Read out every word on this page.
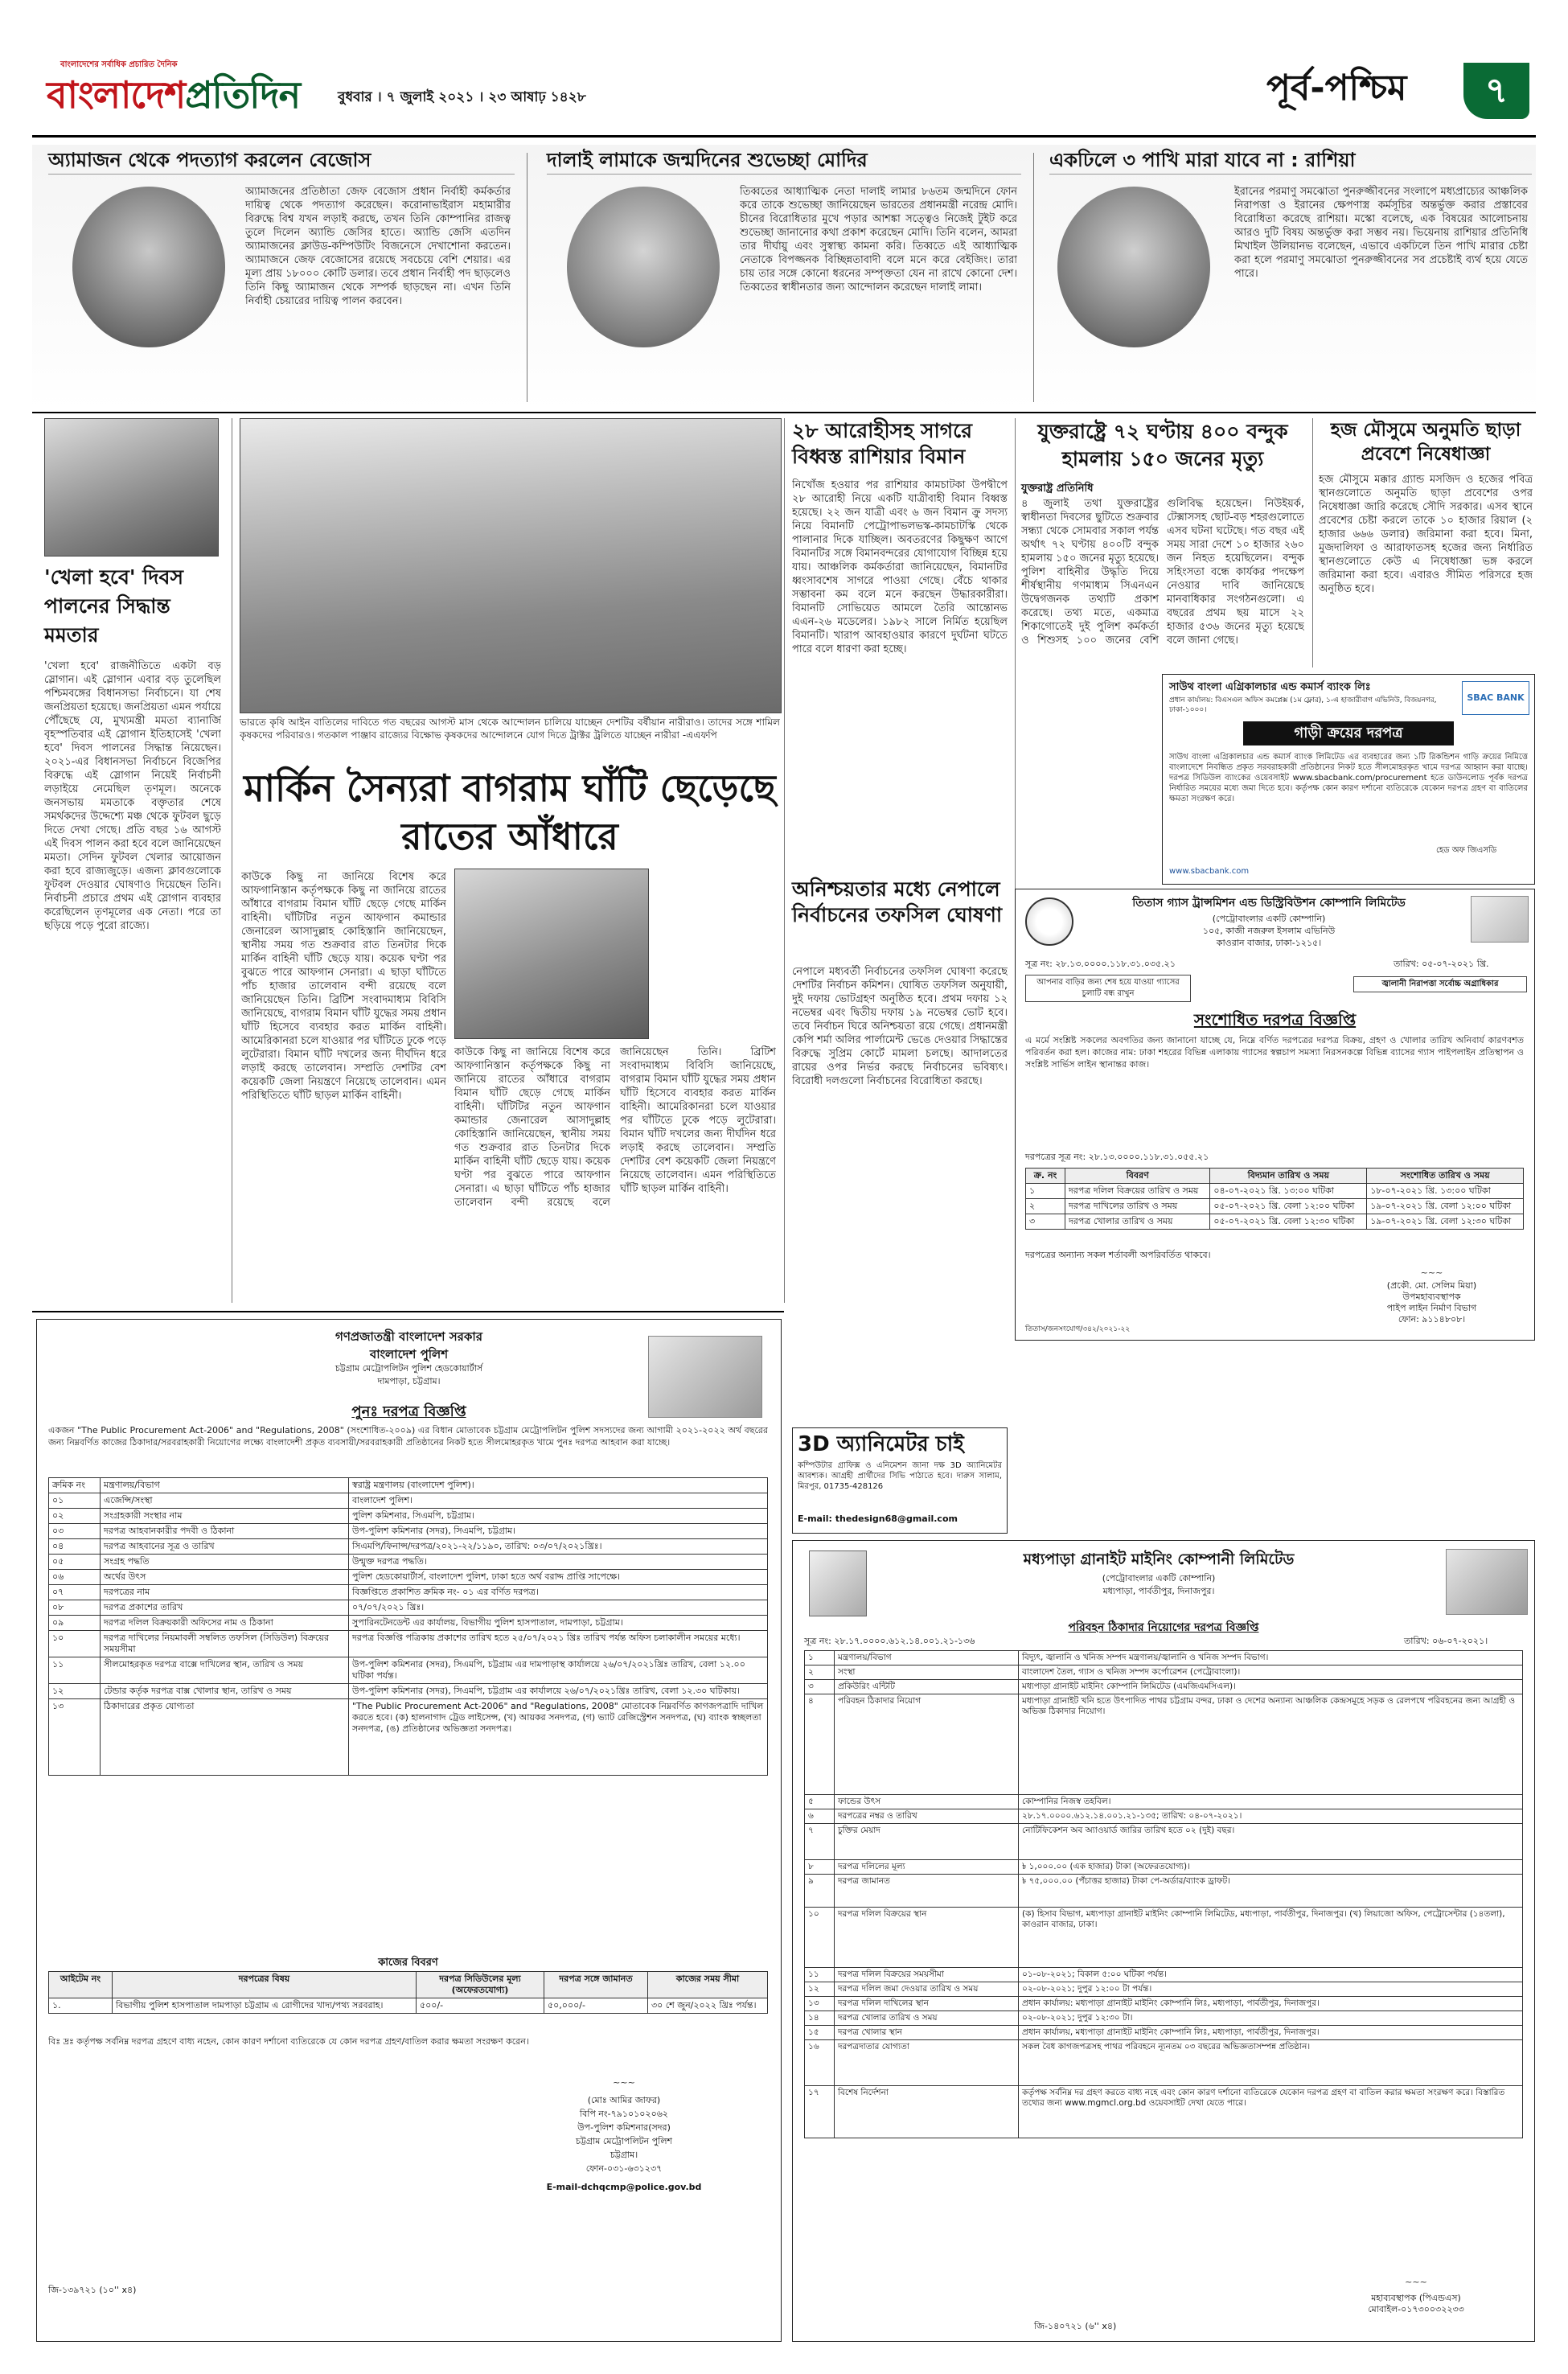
বাংলাদেশের সর্বাধিক প্রচারিত দৈনিক
বাংলাদেশপ্রতিদিন	বুধবার । ৭ জুলাই ২০২১ । ২৩ আষাঢ় ১৪২৮	পূর্ব-পশ্চিম	৭
অ্যামাজন থেকে পদত্যাগ করলেন বেজোস
অ্যামাজনের প্রতিষ্ঠাতা জেফ বেজোস প্রধান নির্বাহী কর্মকর্তার দায়িত্ব থেকে পদত্যাগ করেছেন। করোনাভাইরাস মহামারীর বিরুদ্ধে বিশ্ব যখন লড়াই করছে, তখন তিনি কোম্পানির রাজত্ব তুলে দিলেন অ্যান্ডি জেসির হাতে। অ্যান্ডি জেসি এতদিন অ্যামাজনের ক্লাউড-কম্পিউটিং বিজনেসে দেখাশোনা করতেন। অ্যামাজনে জেফ বেজোসের রয়েছে সবচেয়ে বেশি শেয়ার। এর মূল্য প্রায় ১৮০০০ কোটি ডলার। তবে প্রধান নির্বাহী পদ ছাড়লেও তিনি কিছু অ্যামাজন থেকে সম্পর্ক ছাড়ছেন না। এখন তিনি নির্বাহী চেয়ারের দায়িত্ব পালন করবেন।
দালাই লামাকে জন্মদিনের শুভেচ্ছা মোদির
তিব্বতের আধ্যাত্মিক নেতা দালাই লামার ৮৬তম জন্মদিনে ফোন করে তাকে শুভেচ্ছা জানিয়েছেন ভারতের প্রধানমন্ত্রী নরেন্দ্র মোদি। চীনের বিরোধিতার মুখে পড়ার আশঙ্কা সত্ত্বেও নিজেই টুইট করে শুভেচ্ছা জানানোর কথা প্রকাশ করেছেন মোদি। তিনি বলেন, আমরা তার দীর্ঘায়ু এবং সুস্বাস্থ্য কামনা করি। তিব্বতে এই আধ্যাত্মিক নেতাকে বিপজ্জনক বিচ্ছিন্নতাবাদী বলে মনে করে বেইজিং। তারা চায় তার সঙ্গে কোনো ধরনের সম্পৃক্ততা যেন না রাখে কোনো দেশ। তিব্বতের স্বাধীনতার জন্য আন্দোলন করেছেন দালাই লামা।
একঢিলে ৩ পাখি মারা যাবে না : রাশিয়া
ইরানের পরমাণু সমঝোতা পুনরুজ্জীবনের সংলাপে মধ্যপ্রাচ্যের আঞ্চলিক নিরাপত্তা ও ইরানের ক্ষেপণাস্ত্র কর্মসূচির অন্তর্ভুক্ত করার প্রস্তাবের বিরোধিতা করেছে রাশিয়া। মস্কো বলেছে, এক বিষয়ের আলোচনায় আরও দুটি বিষয় অন্তর্ভুক্ত করা সম্ভব নয়। ভিয়েনায় রাশিয়ার প্রতিনিধি মিখাইল উলিয়ানভ বলেছেন, এভাবে একঢিলে তিন পাখি মারার চেষ্টা করা হলে পরমাণু সমঝোতা পুনরুজ্জীবনের সব প্রচেষ্টাই ব্যর্থ হয়ে যেতে পারে।
'খেলা হবে' দিবস পালনের সিদ্ধান্ত মমতার
'খেলা হবে' রাজনীতিতে একটা বড় স্লোগান। এই স্লোগান এবার বড় তুলেছিল পশ্চিমবঙ্গের বিধানসভা নির্বাচনে। যা শেষ জনপ্রিয়তা হয়েছে। জনপ্রিয়তা এমন পর্যায়ে পৌঁছেছে যে, মুখ্যমন্ত্রী মমতা ব্যানার্জি বৃহস্পতিবার এই স্লোগান ইতিহাসেই 'খেলা হবে' দিবস পালনের সিদ্ধান্ত নিয়েছেন। ২০২১-এর বিধানসভা নির্বাচনে বিজেপির বিরুদ্ধে এই স্লোগান নিয়েই নির্বাচনী লড়াইয়ে নেমেছিল তৃণমূল। অনেকে জনসভায় মমতাকে বক্তৃতার শেষে সমর্থকদের উদ্দেশ্যে মঞ্চ থেকে ফুটবল ছুড়ে দিতে দেখা গেছে। প্রতি বছর ১৬ আগস্ট এই দিবস পালন করা হবে বলে জানিয়েছেন মমতা। সেদিন ফুটবল খেলার আয়োজন করা হবে রাজ্যজুড়ে। এজন্য ক্লাবগুলোকে ফুটবল দেওয়ার ঘোষণাও দিয়েছেন তিনি। নির্বাচনী প্রচারে প্রথম এই স্লোগান ব্যবহার করেছিলেন তৃণমূলের এক নেতা। পরে তা ছড়িয়ে পড়ে পুরো রাজ্যে।
ভারতে কৃষি আইন বাতিলের দাবিতে গত বছরের আগস্ট মাস থেকে আন্দোলন চালিয়ে যাচ্ছেন দেশটির বর্ষীয়ান নারীরাও। তাদের সঙ্গে শামিল কৃষকদের পরিবারও। গতকাল পাঞ্জাব রাজ্যের বিক্ষোভ কৃষকদের আন্দোলনে যোগ দিতে ট্রাক্টর ট্রলিতে যাচ্ছেন নারীরা -এএফপি
মার্কিন সৈন্যরা বাগরাম ঘাঁটি ছেড়েছে রাতের আঁধারে
কাউকে কিছু না জানিয়ে বিশেষ করে আফগানিস্তান কর্তৃপক্ষকে কিছু না জানিয়ে রাতের আঁধারে বাগরাম বিমান ঘাঁটি ছেড়ে গেছে মার্কিন বাহিনী। ঘাঁটিটির নতুন আফগান কমান্ডার জেনারেল আসাদুল্লাহ কোহিস্তানি জানিয়েছেন, স্থানীয় সময় গত শুক্রবার রাত তিনটার দিকে মার্কিন বাহিনী ঘাঁটি ছেড়ে যায়। কয়েক ঘণ্টা পর বুঝতে পারে আফগান সেনারা। এ ছাড়া ঘাঁটিতে পাঁচ হাজার তালেবান বন্দী রয়েছে বলে জানিয়েছেন তিনি। ব্রিটিশ সংবাদমাধ্যম বিবিসি জানিয়েছে, বাগরাম বিমান ঘাঁটি যুদ্ধের সময় প্রধান ঘাঁটি হিসেবে ব্যবহার করত মার্কিন বাহিনী। আমেরিকানরা চলে যাওয়ার পর ঘাঁটিতে ঢুকে পড়ে লুটেরারা। বিমান ঘাঁটি দখলের জন্য দীর্ঘদিন ধরে লড়াই করছে তালেবান। সম্প্রতি দেশটির বেশ কয়েকটি জেলা নিয়ন্ত্রণে নিয়েছে তালেবান। এমন পরিস্থিতিতে ঘাঁটি ছাড়ল মার্কিন বাহিনী।
কাউকে কিছু না জানিয়ে বিশেষ করে আফগানিস্তান কর্তৃপক্ষকে কিছু না জানিয়ে রাতের আঁধারে বাগরাম বিমান ঘাঁটি ছেড়ে গেছে মার্কিন বাহিনী। ঘাঁটিটির নতুন আফগান কমান্ডার জেনারেল আসাদুল্লাহ কোহিস্তানি জানিয়েছেন, স্থানীয় সময় গত শুক্রবার রাত তিনটার দিকে মার্কিন বাহিনী ঘাঁটি ছেড়ে যায়। কয়েক ঘণ্টা পর বুঝতে পারে আফগান সেনারা। এ ছাড়া ঘাঁটিতে পাঁচ হাজার তালেবান বন্দী রয়েছে বলে জানিয়েছেন তিনি। ব্রিটিশ সংবাদমাধ্যম বিবিসি জানিয়েছে, বাগরাম বিমান ঘাঁটি যুদ্ধের সময় প্রধান ঘাঁটি হিসেবে ব্যবহার করত মার্কিন বাহিনী। আমেরিকানরা চলে যাওয়ার পর ঘাঁটিতে ঢুকে পড়ে লুটেরারা। বিমান ঘাঁটি দখলের জন্য দীর্ঘদিন ধরে লড়াই করছে তালেবান। সম্প্রতি দেশটির বেশ কয়েকটি জেলা নিয়ন্ত্রণে নিয়েছে তালেবান। এমন পরিস্থিতিতে ঘাঁটি ছাড়ল মার্কিন বাহিনী।
২৮ আরোহীসহ সাগরে বিধ্বস্ত রাশিয়ার বিমান
নিখোঁজ হওয়ার পর রাশিয়ার কামচাটকা উপদ্বীপে ২৮ আরোহী নিয়ে একটি যাত্রীবাহী বিমান বিধ্বস্ত হয়েছে। ২২ জন যাত্রী এবং ৬ জন বিমান ক্রু সদস্য নিয়ে বিমানটি পেট্রোপাভলভস্ক-কামচাটস্কি থেকে পালানার দিকে যাচ্ছিল। অবতরণের কিছুক্ষণ আগে বিমানটির সঙ্গে বিমানবন্দরের যোগাযোগ বিচ্ছিন্ন হয়ে যায়। আঞ্চলিক কর্মকর্তারা জানিয়েছেন, বিমানটির ধ্বংসাবশেষ সাগরে পাওয়া গেছে। বেঁচে থাকার সম্ভাবনা কম বলে মনে করছেন উদ্ধারকারীরা। বিমানটি সোভিয়েত আমলে তৈরি আন্তোনভ এএন-২৬ মডেলের। ১৯৮২ সালে নির্মিত হয়েছিল বিমানটি। খারাপ আবহাওয়ার কারণে দুর্ঘটনা ঘটতে পারে বলে ধারণা করা হচ্ছে।
অনিশ্চয়তার মধ্যে নেপালে নির্বাচনের তফসিল ঘোষণা
নেপালে মধ্যবর্তী নির্বাচনের তফসিল ঘোষণা করেছে দেশটির নির্বাচন কমিশন। ঘোষিত তফসিল অনুযায়ী, দুই দফায় ভোটগ্রহণ অনুষ্ঠিত হবে। প্রথম দফায় ১২ নভেম্বর এবং দ্বিতীয় দফায় ১৯ নভেম্বর ভোট হবে। তবে নির্বাচন ঘিরে অনিশ্চয়তা রয়ে গেছে। প্রধানমন্ত্রী কেপি শর্মা অলির পার্লামেন্ট ভেঙে দেওয়ার সিদ্ধান্তের বিরুদ্ধে সুপ্রিম কোর্টে মামলা চলছে। আদালতের রায়ের ওপর নির্ভর করছে নির্বাচনের ভবিষ্যৎ। বিরোধী দলগুলো নির্বাচনের বিরোধিতা করছে।
3D অ্যানিমেটর চাই
কম্পিউটার গ্রাফিক্স ও এনিমেশন জানা দক্ষ 3D অ্যানিমেটর আবশ্যক। আগ্রহী প্রার্থীদের সিভি পাঠাতে হবে। দারুস সালাম, মিরপুর, 01735-428126
E-mail: thedesign68@gmail.com
যুক্তরাষ্ট্রে ৭২ ঘণ্টায় ৪০০ বন্দুক হামলায় ১৫০ জনের মৃত্যু
যুক্তরাষ্ট্র প্রতিনিধি
৪ জুলাই তথা যুক্তরাষ্ট্রের স্বাধীনতা দিবসের ছুটিতে শুক্রবার সন্ধ্যা থেকে সোমবার সকাল পর্যন্ত অর্থাৎ ৭২ ঘণ্টায় ৪০০টি বন্দুক হামলায় ১৫০ জনের মৃত্যু হয়েছে। পুলিশ বাহিনীর উদ্ধৃতি দিয়ে শীর্ষস্থানীয় গণমাধ্যম সিএনএন উদ্বেগজনক তথ্যটি প্রকাশ করেছে। তথ্য মতে, একমাত্র শিকাগোতেই দুই পুলিশ কর্মকর্তা ও শিশুসহ ১০০ জনের বেশি গুলিবিদ্ধ হয়েছেন। নিউইয়র্ক, টেক্সাসসহ ছোট-বড় শহরগুলোতে এসব ঘটনা ঘটেছে। গত বছর এই সময় সারা দেশে ১০ হাজার ২৬০ জন নিহত হয়েছিলেন। বন্দুক সহিংসতা বন্ধে কার্যকর পদক্ষেপ নেওয়ার দাবি জানিয়েছে মানবাধিকার সংগঠনগুলো। এ বছরের প্রথম ছয় মাসে ২২ হাজার ৫৩৬ জনের মৃত্যু হয়েছে বলে জানা গেছে।
হজ মৌসুমে অনুমতি ছাড়া প্রবেশে নিষেধাজ্ঞা
হজ মৌসুমে মক্কার গ্র্যান্ড মসজিদ ও হজের পবিত্র স্থানগুলোতে অনুমতি ছাড়া প্রবেশের ওপর নিষেধাজ্ঞা জারি করেছে সৌদি সরকার। এসব স্থানে প্রবেশের চেষ্টা করলে তাকে ১০ হাজার রিয়াল (২ হাজার ৬৬৬ ডলার) জরিমানা করা হবে। মিনা, মুজদালিফা ও আরাফাতসহ হজের জন্য নির্ধারিত স্থানগুলোতে কেউ এ নিষেধাজ্ঞা ভঙ্গ করলে জরিমানা করা হবে। এবারও সীমিত পরিসরে হজ অনুষ্ঠিত হবে।
সাউথ বাংলা এগ্রিকালচার এন্ড কমার্স ব্যাংক লিঃ
প্রধান কার্যালয়: বিএসএল অফিস কমপ্লেক্স (১ম ফ্লোর), ১-এ হাজারীবাগ এভিনিউ, বিজয়নগর, ঢাকা-১০০০।
SBAC BANK
গাড়ী ক্রয়ের দরপত্র
সাউথ বাংলা এগ্রিকালচার এন্ড কমার্স ব্যাংক লিমিটেড এর ব্যবহারের জন্য ১টি রিকন্ডিশন গাড়ি ক্রয়ের নিমিত্তে বাংলাদেশে নিবন্ধিত প্রকৃত সরবরাহকারী প্রতিষ্ঠানের নিকট হতে সীলমোহরকৃত খামে দরপত্র আহ্বান করা যাচ্ছে। দরপত্র সিডিউল ব্যাংকের ওয়েবসাইট www.sbacbank.com/procurement হতে ডাউনলোড পূর্বক দরপত্র নির্ধারিত সময়ের মধ্যে জমা দিতে হবে। কর্তৃপক্ষ কোন কারণ দর্শানো ব্যতিরেকে যেকোন দরপত্র গ্রহণ বা বাতিলের ক্ষমতা সংরক্ষণ করে।
হেড অফ জিএসডি
www.sbacbank.com
তিতাস গ্যাস ট্রান্সমিশন এন্ড ডিস্ট্রিবিউশন কোম্পানি লিমিটেড
(পেট্রোবাংলার একটি কোম্পানি)
১০৫, কাজী নজরুল ইসলাম এভিনিউ
কাওরান বাজার, ঢাকা-১২১৫।
সূত্র নং: ২৮.১৩.০০০০.১১৮.৩১.০৩৫.২১	তারিখ: ০৫-০৭-২০২১ খ্রি.
আপনার বাড়ির জন্য শেষ হয়ে যাওয়া গ্যাসের চুলাটি বন্ধ রাখুন
জ্বালানী নিরাপত্তা সর্বোচ্চ অগ্রাধিকার
সংশোধিত দরপত্র বিজ্ঞপ্তি
এ মর্মে সংশ্লিষ্ট সকলের অবগতির জন্য জানানো যাচ্ছে যে, নিম্নে বর্ণিত দরপত্রের দরপত্র বিক্রয়, গ্রহণ ও খোলার তারিখ অনিবার্য কারণবশত পরিবর্তন করা হল। কাজের নাম: ঢাকা শহরের বিভিন্ন এলাকায় গ্যাসের স্বল্পচাপ সমস্যা নিরসনকল্পে বিভিন্ন ব্যাসের গ্যাস পাইপলাইন প্রতিস্থাপন ও সংশ্লিষ্ট সার্ভিস লাইন স্থানান্তর কাজ।
দরপত্রের সূত্র নং: ২৮.১৩.০০০০.১১৮.৩১.০৫৫.২১
ক্র. নং	বিবরণ	বিদ্যমান তারিখ ও সময়	সংশোধিত তারিখ ও সময়
১	দরপত্র দলিল বিক্রয়ের তারিখ ও সময়	০৪-০৭-২০২১ খ্রি. ১৩:০০ ঘটিকা	১৮-০৭-২০২১ খ্রি. ১৩:০০ ঘটিকা
২	দরপত্র দাখিলের তারিখ ও সময়	০৫-০৭-২০২১ খ্রি. বেলা ১২:০০ ঘটিকা	১৯-০৭-২০২১ খ্রি. বেলা ১২:০০ ঘটিকা
৩	দরপত্র খোলার তারিখ ও সময়	০৫-০৭-২০২১ খ্রি. বেলা ১২:৩০ ঘটিকা	১৯-০৭-২০২১ খ্রি. বেলা ১২:৩০ ঘটিকা
দরপত্রের অন্যান্য সকল শর্তাবলী অপরিবর্তিত থাকবে।
~~~
(প্রকৌ. মো. সেলিম মিয়া)
উপমহাব্যবস্থাপক
পাইপ লাইন নির্মাণ বিভাগ
ফোন: ৯১১৪৮০৮।
তিতাস/জনসংযোগ/৩৪২/২০২১-২২
গণপ্রজাতন্ত্রী বাংলাদেশ সরকার
বাংলাদেশ পুলিশ
চট্টগ্রাম মেট্রোপলিটন পুলিশ হেডকোয়ার্টার্স
দামপাড়া, চট্টগ্রাম।
পুনঃ দরপত্র বিজ্ঞপ্তি
একজন "The Public Procurement Act-2006" and "Regulations, 2008" (সংশোধিত-২০০৯) এর বিধান মোতাবেক চট্টগ্রাম মেট্রোপলিটন পুলিশ সদস্যদের জন্য আগামী ২০২১-২০২২ অর্থ বছরের জন্য নিম্নবর্ণিত কাজের ঠিকাদার/সরবরাহকারী নিয়োগের লক্ষ্যে বাংলাদেশী প্রকৃত ব্যবসায়ী/সরবরাহকারী প্রতিষ্ঠানের নিকট হতে সীলমোহরকৃত খামে পুনঃ দরপত্র আহবান করা যাচ্ছে।
ক্রমিক নং	মন্ত্রণালয়/বিভাগ	স্বরাষ্ট্র মন্ত্রণালয় (বাংলাদেশ পুলিশ)।
০১	এজেন্সি/সংস্থা	বাংলাদেশ পুলিশ।
০২	সংগ্রহকারী সংস্থার নাম	পুলিশ কমিশনার, সিএমপি, চট্টগ্রাম।
০৩	দরপত্র আহবানকারীর পদবী ও ঠিকানা	উপ-পুলিশ কমিশনার (সদর), সিএমপি, চট্টগ্রাম।
০৪	দরপত্র আহবানের সূত্র ও তারিখ	সিএমপি/ফিনান্স/দরপত্র/২০২১-২২/১১৯০, তারিখ: ০৩/০৭/২০২১খ্রিঃ।
০৫	সংগ্রহ পদ্ধতি	উন্মুক্ত দরপত্র পদ্ধতি।
০৬	অর্থের উৎস	পুলিশ হেডকোয়ার্টার্স, বাংলাদেশ পুলিশ, ঢাকা হতে অর্থ বরাদ্দ প্রাপ্তি সাপেক্ষে।
০৭	দরপত্রের নাম	বিজ্ঞপ্তিতে প্রকাশিত ক্রমিক নং- ০১ এর বর্ণিত দরপত্র।
০৮	দরপত্র প্রকাশের তারিখ	০৭/০৭/২০২১ খ্রিঃ।
০৯	দরপত্র দলিল বিক্রয়কারী অফিসের নাম ও ঠিকানা	সুপারিনটেনডেন্ট এর কার্যালয়, বিভাগীয় পুলিশ হাসপাতাল, দামপাড়া, চট্টগ্রাম।
১০	দরপত্র দাখিলের নিয়মাবলী সম্বলিত তফসিল (সিডিউল) বিক্রয়ের সময়সীমা	দরপত্র বিজ্ঞপ্তি পত্রিকায় প্রকাশের তারিখ হতে ২৫/০৭/২০২১ খ্রিঃ তারিখ পর্যন্ত অফিস চলাকালীন সময়ের মধ্যে।
১১	সীলমোহরকৃত দরপত্র বাক্সে দাখিলের স্থান, তারিখ ও সময়	উপ-পুলিশ কমিশনার (সদর), সিএমপি, চট্টগ্রাম এর দামপাড়াস্থ কার্যালয়ে ২৬/০৭/২০২১খ্রিঃ তারিখ, বেলা ১২.০০ ঘটিকা পর্যন্ত।
১২	টেন্ডার কর্তৃক দরপত্র বাক্স খোলার স্থান, তারিখ ও সময়	উপ-পুলিশ কমিশনার (সদর), সিএমপি, চট্টগ্রাম এর কার্যালয়ে ২৬/০৭/২০২১খ্রিঃ তারিখ, বেলা ১২.৩০ ঘটিকায়।
১৩	ঠিকাদারের প্রকৃত যোগ্যতা	"The Public Procurement Act-2006" and "Regulations, 2008" মোতাবেক নিম্নবর্ণিত কাগজপত্রাদি দাখিল করতে হবে। (ক) হালনাগাদ ট্রেড লাইসেন্স, (খ) আয়কর সনদপত্র, (গ) ভ্যাট রেজিস্ট্রেশন সনদপত্র, (ঘ) ব্যাংক স্বচ্ছলতা সনদপত্র, (ঙ) প্রতিষ্ঠানের অভিজ্ঞতা সনদপত্র।
কাজের বিবরণ
আইটেম নং	দরপত্রের বিষয়	দরপত্র সিডিউলের মূল্য (অফেরতযোগ্য)	দরপত্র সঙ্গে জামানত	কাজের সময় সীমা
১.	বিভাগীয় পুলিশ হাসপাতাল দামপাড়া চট্টগ্রাম এ রোগীদের খাদ্য/পথ্য সরবরাহ।	৫০০/-	৫০,০০০/-	৩০ শে জুন/২০২২ খ্রিঃ পর্যন্ত।
বিঃ দ্রঃ কর্তৃপক্ষ সর্বনিম্ন দরপত্র গ্রহণে বাধ্য নহেন, কোন কারণ দর্শানো ব্যতিরেকে যে কোন দরপত্র গ্রহণ/বাতিল করার ক্ষমতা সংরক্ষণ করেন।
~~~
(মোঃ আমির জাফর)
বিপি নং-৭৯১০১০২০৬২
উপ-পুলিশ কমিশনার(সদর)
চট্টগ্রাম মেট্রোপলিটন পুলিশ
চট্টগ্রাম।
ফোন-০৩১-৬৩১২৩৭
E-mail-dchqcmp@police.gov.bd
জি-১৩৯৭২১ (১০'' x৪)
মধ্যপাড়া গ্রানাইট মাইনিং কোম্পানী লিমিটেড
(পেট্রোবাংলার একটি কোম্পানি)
মধ্যপাড়া, পার্বতীপুর, দিনাজপুর।
পরিবহন ঠিকাদার নিয়োগের দরপত্র বিজ্ঞপ্তি
সূত্র নং: ২৮.১৭.০০০০.৬১২.১৪.০০১.২১-১৩৬	তারিখ: ০৬-০৭-২০২১।
১	মন্ত্রণালয়/বিভাগ	বিদ্যুৎ, জ্বালানি ও খনিজ সম্পদ মন্ত্রণালয়/জ্বালানি ও খনিজ সম্পদ বিভাগ।
২	সংস্থা	বাংলাদেশ তৈল, গ্যাস ও খনিজ সম্পদ কর্পোরেশন (পেট্রোবাংলা)।
৩	প্রকিউরিং এন্টিটি	মধ্যপাড়া গ্রানাইট মাইনিং কোম্পানি লিমিটেড (এমজিএমসিএল)।
৪	পরিবহন ঠিকাদার নিয়োগ	মধ্যপাড়া গ্রানাইট খনি হতে উৎপাদিত পাথর চট্টগ্রাম বন্দর, ঢাকা ও দেশের অন্যান্য আঞ্চলিক কেন্দ্রসমূহে সড়ক ও রেলপথে পরিবহনের জন্য আগ্রহী ও অভিজ্ঞ ঠিকাদার নিয়োগ।
৫	ফান্ডের উৎস	কোম্পানির নিজস্ব তহবিল।
৬	দরপত্রের নম্বর ও তারিখ	২৮.১৭.০০০০.৬১২.১৪.০০১.২১-১৩৫; তারিখ: ০৪-০৭-২০২১।
৭	চুক্তির মেয়াদ	নোটিফিকেশন অব অ্যাওয়ার্ড জারির তারিখ হতে ০২ (দুই) বছর।
৮	দরপত্র দলিলের মূল্য	৳ ১,০০০.০০ (এক হাজার) টাকা (অফেরতযোগ্য)।
৯	দরপত্র জামানত	৳ ৭৫,০০০.০০ (পঁচাত্তর হাজার) টাকা পে-অর্ডার/ব্যাংক ড্রাফট।
১০	দরপত্র দলিল বিক্রয়ের স্থান	(ক) হিসাব বিভাগ, মধ্যপাড়া গ্রানাইট মাইনিং কোম্পানি লিমিটেড, মধ্যপাড়া, পার্বতীপুর, দিনাজপুর। (খ) লিয়াজো অফিস, পেট্রোসেন্টার (১৪তলা), কাওরান বাজার, ঢাকা।
১১	দরপত্র দলিল বিক্রয়ের সময়সীমা	০১-০৮-২০২১; বিকাল ৫:০০ ঘটিকা পর্যন্ত।
১২	দরপত্র দলিল জমা দেওয়ার তারিখ ও সময়	০২-০৮-২০২১; দুপুর ১২:০০ টা পর্যন্ত।
১৩	দরপত্র দলিল দাখিলের স্থান	প্রধান কার্যালয়: মধ্যপাড়া গ্রানাইট মাইনিং কোম্পানি লিঃ, মধ্যপাড়া, পার্বতীপুর, দিনাজপুর।
১৪	দরপত্র খোলার তারিখ ও সময়	০২-০৮-২০২১; দুপুর ১২:৩০ টা।
১৫	দরপত্র খোলার স্থান	প্রধান কার্যালয়, মধ্যপাড়া গ্রানাইট মাইনিং কোম্পানি লিঃ, মধ্যপাড়া, পার্বতীপুর, দিনাজপুর।
১৬	দরপত্রদাতার যোগ্যতা	সকল বৈধ কাগজপত্রসহ পাথর পরিবহনে ন্যূনতম ০৩ বছরের অভিজ্ঞতাসম্পন্ন প্রতিষ্ঠান।
১৭	বিশেষ নির্দেশনা	কর্তৃপক্ষ সর্বনিম্ন দর গ্রহণ করতে বাধ্য নহে এবং কোন কারণ দর্শানো ব্যতিরেকে যেকোন দরপত্র গ্রহণ বা বাতিল করার ক্ষমতা সংরক্ষণ করে। বিস্তারিত তথ্যের জন্য www.mgmcl.org.bd ওয়েবসাইট দেখা যেতে পারে।
~~~
মহাব্যবস্থাপক (পিএন্ডএস)
মোবাইল-০১৭৩০০৩২২৩৩
জি-১৪০৭২১ (৬'' x৪)
